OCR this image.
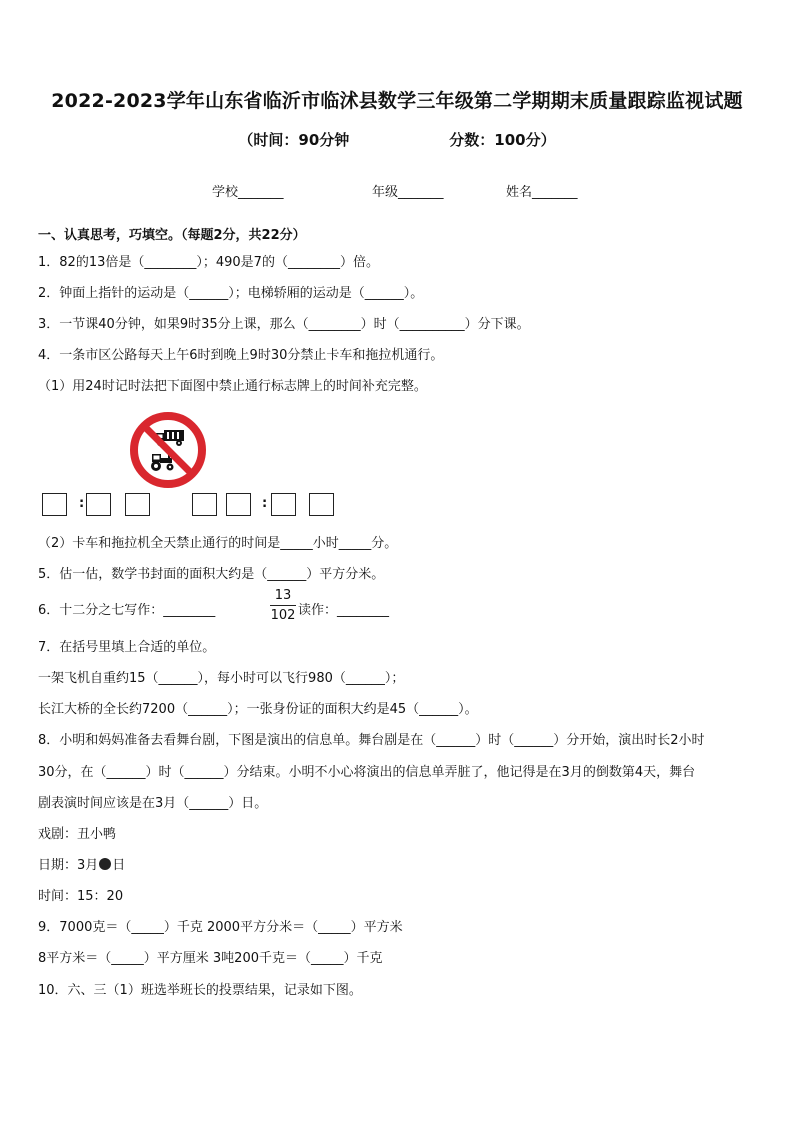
2022-2023学年山东省临沂市临沭县数学三年级第二学期期末质量跟踪监视试题
（时间：90分钟	分数：100分）
学校_______	年级_______	姓名_______
一、认真思考，巧填空。（每题2分，共22分）
1．82的13倍是（________）；490是7的（________）倍。
2．钟面上指针的运动是（______）；电梯轿厢的运动是（______）。
3．一节课40分钟，如果9时35分上课，那么（________）时（__________）分下课。
4．一条市区公路每天上午6时到晚上9时30分禁止卡车和拖拉机通行。
（1）用24时记时法把下面图中禁止通行标志牌上的时间补充完整。
:	:
（2）卡车和拖拉机全天禁止通行的时间是_____小时_____分。
5．估一估，数学书封面的面积大约是（______）平方分米。
6．十二分之七写作：________
13
102 读作：________
7．在括号里填上合适的单位。
一架飞机自重约15（______），每小时可以飞行980（______）；
长江大桥的全长约7200（______）；一张身份证的面积大约是45（______）。
8．小明和妈妈准备去看舞台剧，下图是演出的信息单。舞台剧是在（______）时（______）分开始，演出时长2小时
30分，在（______）时（______）分结束。小明不小心将演出的信息单弄脏了，他记得是在3月的倒数第4天，舞台
剧表演时间应该是在3月（______）日。
戏剧：丑小鸭
日期：3月 日
时间：15：20
9．7000克＝（_____）千克 2000平方分米＝（_____）平方米
8平方米＝（_____）平方厘米 3吨200千克＝（_____）千克
10．六、三（1）班选举班长的投票结果，记录如下图。
